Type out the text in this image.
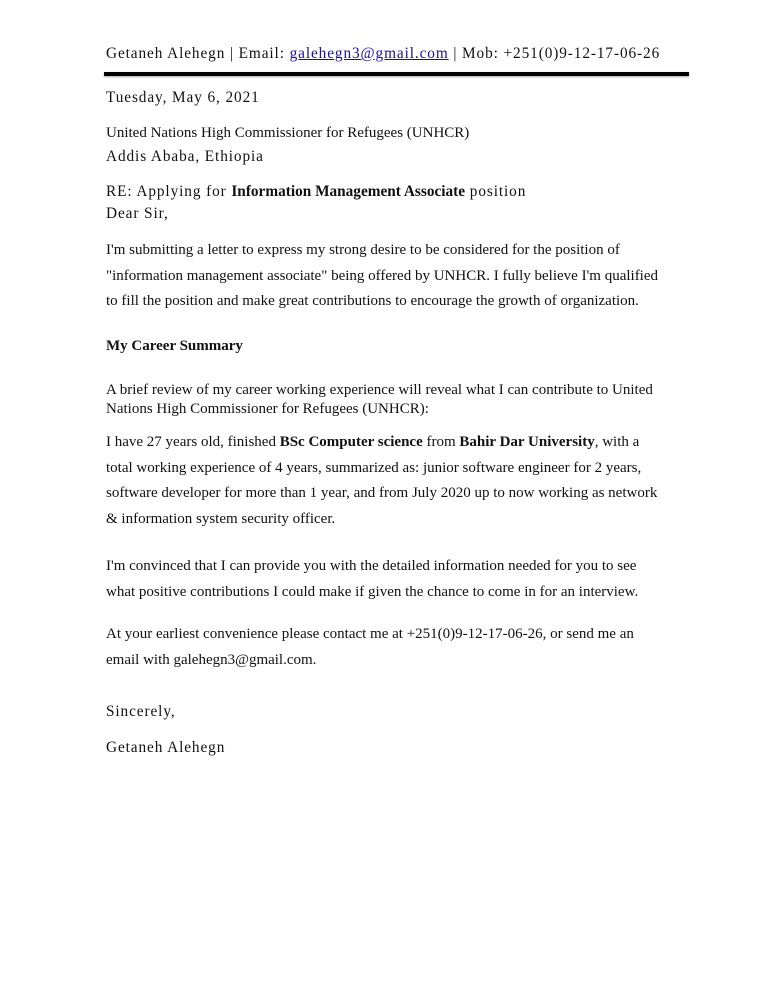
Getaneh Alehegn | Email: galehegn3@gmail.com | Mob: +251(0)9-12-17-06-26
Tuesday, May 6, 2021
United Nations High Commissioner for Refugees (UNHCR)
Addis Ababa, Ethiopia
RE: Applying for Information Management Associate position
Dear Sir,
I'm submitting a letter to express my strong desire to be considered for the position of
"information management associate" being offered by UNHCR. I fully believe I'm qualified
to fill the position and make great contributions to encourage the growth of organization.
My Career Summary
A brief review of my career working experience will reveal what I can contribute to United
Nations High Commissioner for Refugees (UNHCR):
I have 27 years old, finished BSc Computer science from Bahir Dar University, with a
total working experience of 4 years, summarized as: junior software engineer for 2 years,
software developer for more than 1 year, and from July 2020 up to now working as network
& information system security officer.
I'm convinced that I can provide you with the detailed information needed for you to see
what positive contributions I could make if given the chance to come in for an interview.
At your earliest convenience please contact me at +251(0)9-12-17-06-26, or send me an
email with galehegn3@gmail.com.
Sincerely,
Getaneh Alehegn
